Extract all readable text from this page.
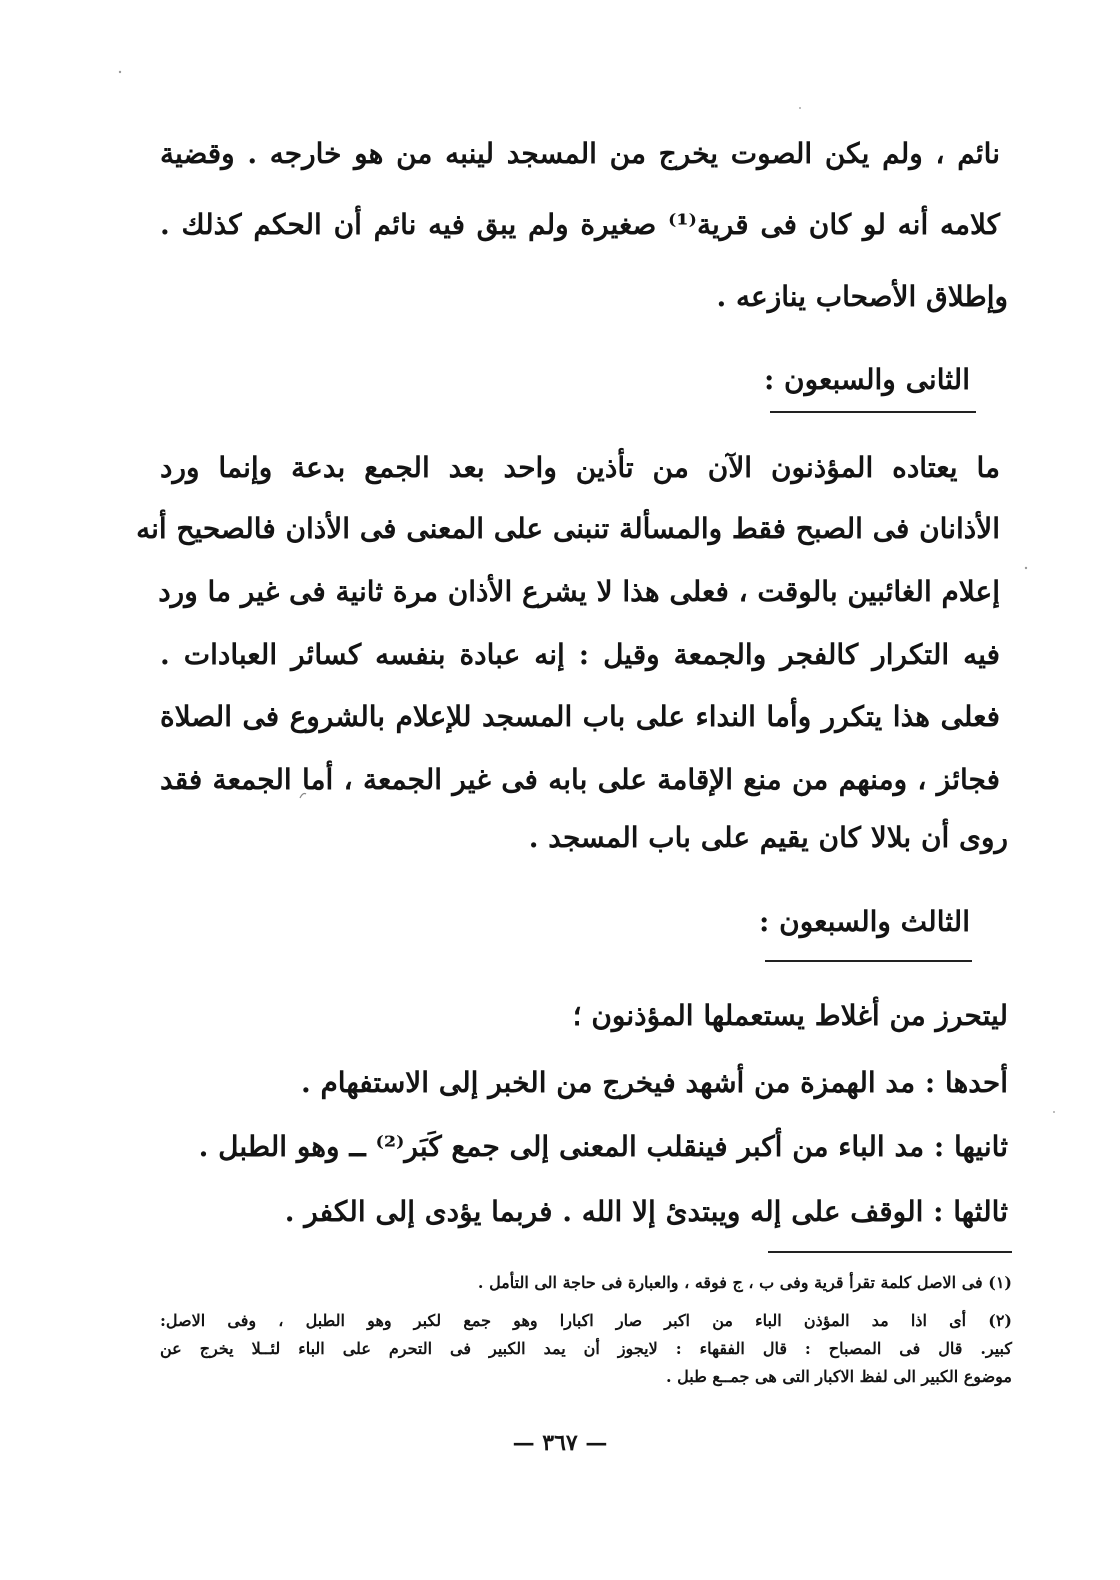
نائم ، ولم يكن الصوت يخرج من المسجد لينبه من هو خارجه . وقضية
كلامه أنه لو كان فى قرية⁽¹⁾ صغيرة ولم يبق فيه نائم أن الحكم كذلك .
وإطلاق الأصحاب ينازعه .
الثانى والسبعون :
ما يعتاده المؤذنون الآن من تأذين واحد بعد الجمع بدعة وإنما ورد
الأذانان فى الصبح فقط والمسألة تنبنى على المعنى فى الأذان فالصحيح أنه
إعلام الغائبين بالوقت ، فعلى هذا لا يشرع الأذان مرة ثانية فى غير ما ورد
فيه التكرار كالفجر والجمعة وقيل : إنه عبادة بنفسه كسائر العبادات .
فعلى هذا يتكرر وأما النداء على باب المسجد للإعلام بالشروع فى الصلاة
فجائز ، ومنهم من منع الإقامة على بابه فى غير الجمعة ، أما الجمعة فقد
روى أن بلالا كان يقيم على باب المسجد .
الثالث والسبعون :
ليتحرز من أغلاط يستعملها المؤذنون ؛
أحدها : مد الهمزة من أشهد فيخرج من الخبر إلى الاستفهام .
ثانيها : مد الباء من أكبر فينقلب المعنى إلى جمع كَبَر⁽²⁾ ــ وهو الطبل .
ثالثها : الوقف على إله ويبتدئ إلا الله . فربما يؤدى إلى الكفر .
(١) فى الاصل كلمة تقرأ قرية وفى ب ، ج فوقه ، والعبارة فى حاجة الى التأمل .
(٢) أى اذا مد المؤذن الباء من اكبر صار اكبارا وهو جمع لكبر وهو الطبل ، وفى الاصل:
كبير. قال فى المصباح : قال الفقهاء : لايجوز أن يمد الكبير فى التحرم على الباء لئــلا يخرج عن
موضوع الكبير الى لفظ الاكبار التى هى جمــع طبل .
— ٣٦٧ —
